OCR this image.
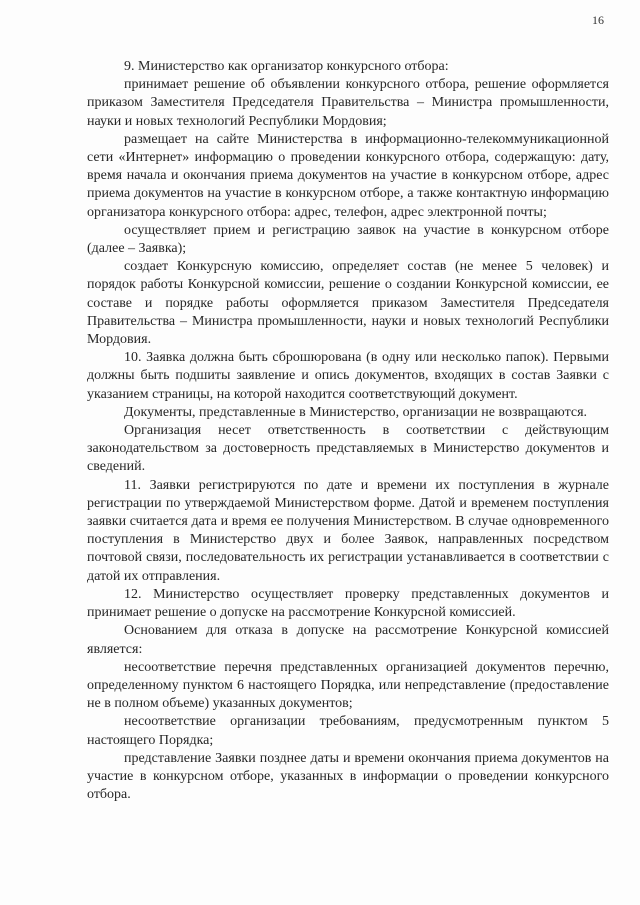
16

9. Министерство как организатор конкурсного отбора:

принимает решение об объявлении конкурсного отбора, решение оформляется приказом Заместителя Председателя Правительства – Министра промышленности, науки и новых технологий Республики Мордовия;

размещает на сайте Министерства в информационно-телекоммуникационной сети «Интернет» информацию о проведении конкурсного отбора, содержащую: дату, время начала и окончания приема документов на участие в конкурсном отборе, адрес приема документов на участие в конкурсном отборе, а также контактную информацию организатора конкурсного отбора: адрес, телефон, адрес электронной почты;

осуществляет прием и регистрацию заявок на участие в конкурсном отборе (далее – Заявка);

создает Конкурсную комиссию, определяет состав (не менее 5 человек) и порядок работы Конкурсной комиссии, решение о создании Конкурсной комиссии, ее составе и порядке работы оформляется приказом Заместителя Председателя Правительства – Министра промышленности, науки и новых технологий Республики Мордовия.

10. Заявка должна быть сброшюрована (в одну или несколько папок). Первыми должны быть подшиты заявление и опись документов, входящих в состав Заявки с указанием страницы, на которой находится соответствующий документ.

Документы, представленные в Министерство, организации не возвращаются.

Организация несет ответственность в соответствии с действующим законодательством за достоверность представляемых в Министерство документов и сведений.

11. Заявки регистрируются по дате и времени их поступления в журнале регистрации по утверждаемой Министерством форме. Датой и временем поступления заявки считается дата и время ее получения Министерством. В случае одновременного поступления в Министерство двух и более Заявок, направленных посредством почтовой связи, последовательность их регистрации устанавливается в соответствии с датой их отправления.

12. Министерство осуществляет проверку представленных документов и принимает решение о допуске на рассмотрение Конкурсной комиссией.

Основанием для отказа в допуске на рассмотрение Конкурсной комиссией является:

несоответствие перечня представленных организацией документов перечню, определенному пунктом 6 настоящего Порядка, или непредставление (предоставление не в полном объеме) указанных документов;

несоответствие организации требованиям, предусмотренным пунктом 5 настоящего Порядка;

представление Заявки позднее даты и времени окончания приема документов на участие в конкурсном отборе, указанных в информации о проведении конкурсного отбора.
